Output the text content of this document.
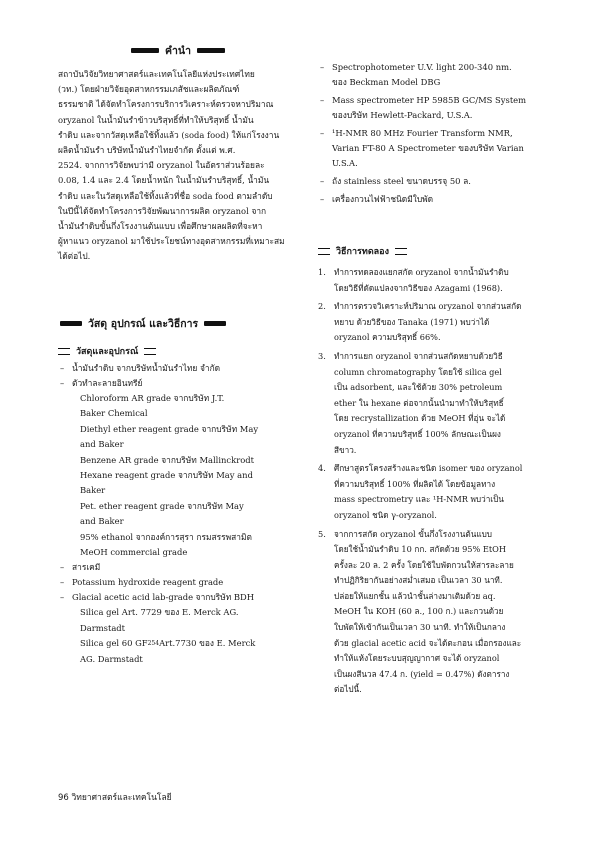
คำนำ

สถาบันวิจัยวิทยาศาสตร์และเทคโนโลยีแห่งประเทศไทย

(วท.) โดยฝ่ายวิจัยอุตสาหกรรมเภสัชและผลิตภัณฑ์

ธรรมชาติ ได้จัดทำโครงการบริการวิเคราะห์ตรวจหาปริมาณ

oryzanol ในน้ำมันรำข้าวบริสุทธิ์ที่ทำให้บริสุทธิ์ น้ำมัน

รำดิบ และจากวัสดุเหลือใช้ทิ้งแล้ว (soda food) ให้แก่โรงงาน

ผลิตน้ำมันรำ บริษัทน้ำมันรำไทยจำกัด ตั้งแต่ พ.ศ.

2524. จากการวิจัยพบว่ามี oryzanol ในอัตราส่วนร้อยละ

0.08, 1.4 และ 2.4 โดยน้ำหนัก ในน้ำมันรำบริสุทธิ์, น้ำมัน

รำดิบ และในวัสดุเหลือใช้ทิ้งแล้วที่ชื่อ soda food ตามลำดับ

ในปีนี้ได้จัดทำโครงการวิจัยพัฒนาการผลิต oryzanol จาก

น้ำมันรำดิบขั้นกึ่งโรงงานต้นแบบ เพื่อศึกษาผลผลิตที่จะหา

ผู้หาแนว oryzanol มาใช้ประโยชน์ทางอุตสาหกรรมที่เหมาะสม

ได้ต่อไป.

วัสดุ อุปกรณ์ และวิธีการ
วัสดุและอุปกรณ์
– น้ำมันรำดิบ จากบริษัทน้ำมันรำไทย จำกัด
– ตัวทำละลายอินทรีย์

Chloroform AR grade จากบริษัท J.T.

Baker Chemical

Diethyl ether reagent grade จากบริษัท May

and Baker

Benzene AR grade จากบริษัท Mallinckrodt

Hexane reagent grade จากบริษัท May and

Baker

Pet. ether reagent grade จากบริษัท May

and Baker

95% ethanol จากองค์การสุรา กรมสรรพสามิต

MeOH commercial grade

– สารเคมี
– Potassium hydroxide reagent grade
– Glacial acetic acid lab-grade จากบริษัท BDH

Silica gel Art. 7729 ของ E. Merck AG.

Darmstadt

Silica gel 60 GF 254 Art.7730 ของ E. Merck

AG. Darmstadt

– Spectrophotometer U.V. light 200-340 nm.

ของ Beckman Model DBG

– Mass spectrometer HP 5985B GC/MS System

ของบริษัท Hewlett-Packard, U.S.A.

– ¹H-NMR 80 MHz Fourier Transform NMR,

Varian FT-80 A Spectrometer ของบริษัท Varian

U.S.A.

– ถัง stainless steel ขนาดบรรจุ 50 ล.

– เครื่องกวนไฟฟ้าชนิดมีใบพัด

วิธีการทดลอง
1. ทำการทดลองแยกสกัด oryzanol จากน้ำมันรำดิบ

โดยวิธีที่ดัดแปลงจากวิธีของ Azagami (1968).

2. ทำการตรวจวิเคราะห์ปริมาณ oryzanol จากส่วนสกัด

หยาบ ด้วยวิธีของ Tanaka (1971) พบว่าได้

oryzanol ความบริสุทธิ์ 66%.

3. ทำการแยก oryzanol จากส่วนสกัดหยาบด้วยวิธี

column chromatography โดยใช้ silica gel

เป็น adsorbent, และใช้ด้วย 30% petroleum

ether ใน hexane ต่อจากนั้นนำมาทำให้บริสุทธิ์

โดย recrystallization ด้วย MeOH ที่อุ่น จะได้

oryzanol ที่ความบริสุทธิ์ 100% ลักษณะเป็นผง

สีขาว.

4. ศึกษาสูตรโครงสร้างและชนิด isomer ของ oryzanol

ที่ความบริสุทธิ์ 100% ที่ผลิตได้ โดยข้อมูลทาง

mass spectrometry และ ¹H-NMR พบว่าเป็น

oryzanol ชนิด γ-oryzanol.

5. จากการสกัด oryzanol ขั้นกึ่งโรงงานต้นแบบ

โดยใช้น้ำมันรำดิบ 10 กก. สกัดด้วย 95% EtOH

ครั้งละ 20 ล. 2 ครั้ง โดยใช้ใบพัดกวนให้สารละลาย

ทำปฏิกิริยากันอย่างสม่ำเสมอ เป็นเวลา 30 นาที.

ปล่อยให้แยกชั้น แล้วนำชั้นล่างมาเติมด้วย aq.

MeOH ใน KOH (60 ล., 100 ก.) และกวนด้วย

ใบพัดให้เข้ากันเป็นเวลา 30 นาที. ทำให้เป็นกลาง

ด้วย glacial acetic acid จะได้ตะกอน เมื่อกรองและ

ทำให้แห้งโดยระบบสุญญากาศ จะได้ oryzanol

เป็นผงสีนวล 47.4 ก. (yield = 0.47%) ดังตาราง

ต่อไปนี้.

96 วิทยาศาสตร์และเทคโนโลยี
